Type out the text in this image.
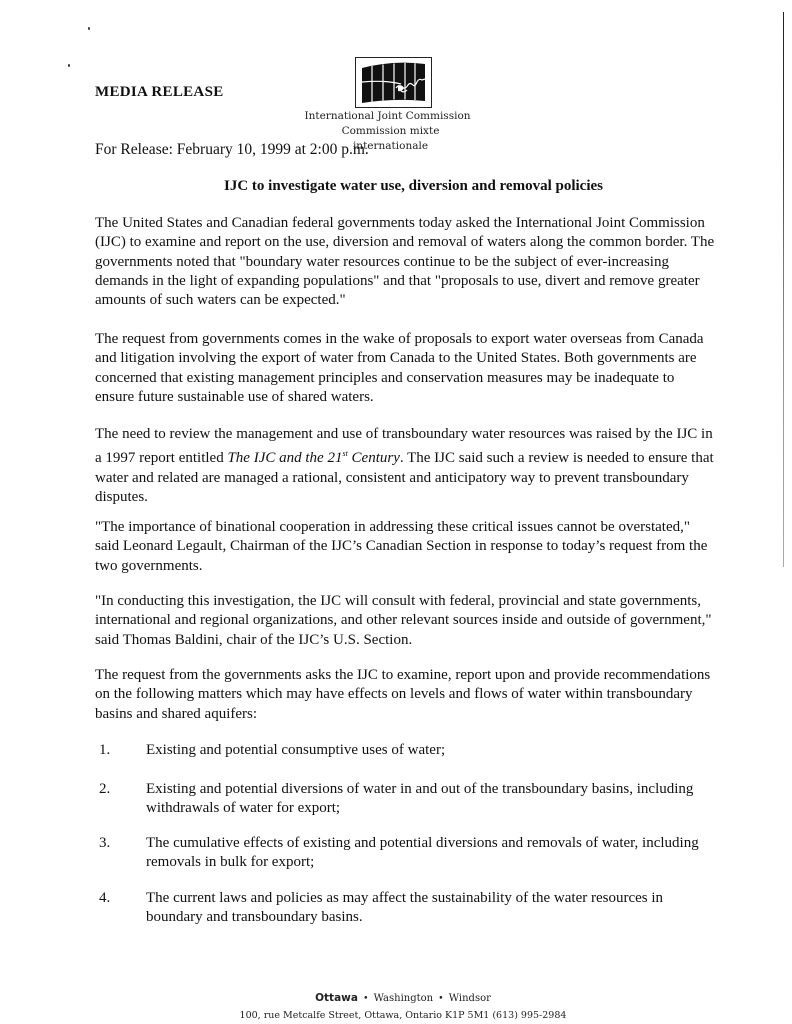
MEDIA RELEASE
International Joint Commission
Commission mixte internationale
For Release: February 10, 1999 at 2:00 p.m.
IJC to investigate water use, diversion and removal policies

The United States and Canadian federal governments today asked the International Joint Commission (IJC) to examine and report on the use, diversion and removal of waters along the common border. The governments noted that "boundary water resources continue to be the subject of ever-increasing demands in the light of expanding populations" and that "proposals to use, divert and remove greater amounts of such waters can be expected."

The request from governments comes in the wake of proposals to export water overseas from Canada and litigation involving the export of water from Canada to the United States. Both governments are concerned that existing management principles and conservation measures may be inadequate to ensure future sustainable use of shared waters.

The need to review the management and use of transboundary water resources was raised by the IJC in a 1997 report entitled The IJC and the 21st Century. The IJC said such a review is needed to ensure that water and related are managed a rational, consistent and anticipatory way to prevent transboundary disputes.

"The importance of binational cooperation in addressing these critical issues cannot be overstated," said Leonard Legault, Chairman of the IJC’s Canadian Section in response to today’s request from the two governments.

"In conducting this investigation, the IJC will consult with federal, provincial and state governments, international and regional organizations, and other relevant sources inside and outside of government," said Thomas Baldini, chair of the IJC’s U.S. Section.

The request from the governments asks the IJC to examine, report upon and provide recommendations on the following matters which may have effects on levels and flows of water within transboundary basins and shared aquifers:

1. Existing and potential consumptive uses of water;
2. Existing and potential diversions of water in and out of the transboundary basins, including withdrawals of water for export;
3. The cumulative effects of existing and potential diversions and removals of water, including removals in bulk for export;
4. The current laws and policies as may affect the sustainability of the water resources in boundary and transboundary basins.
Ottawa • Washington • Windsor
100, rue Metcalfe Street, Ottawa, Ontario K1P 5M1 (613) 995-2984
